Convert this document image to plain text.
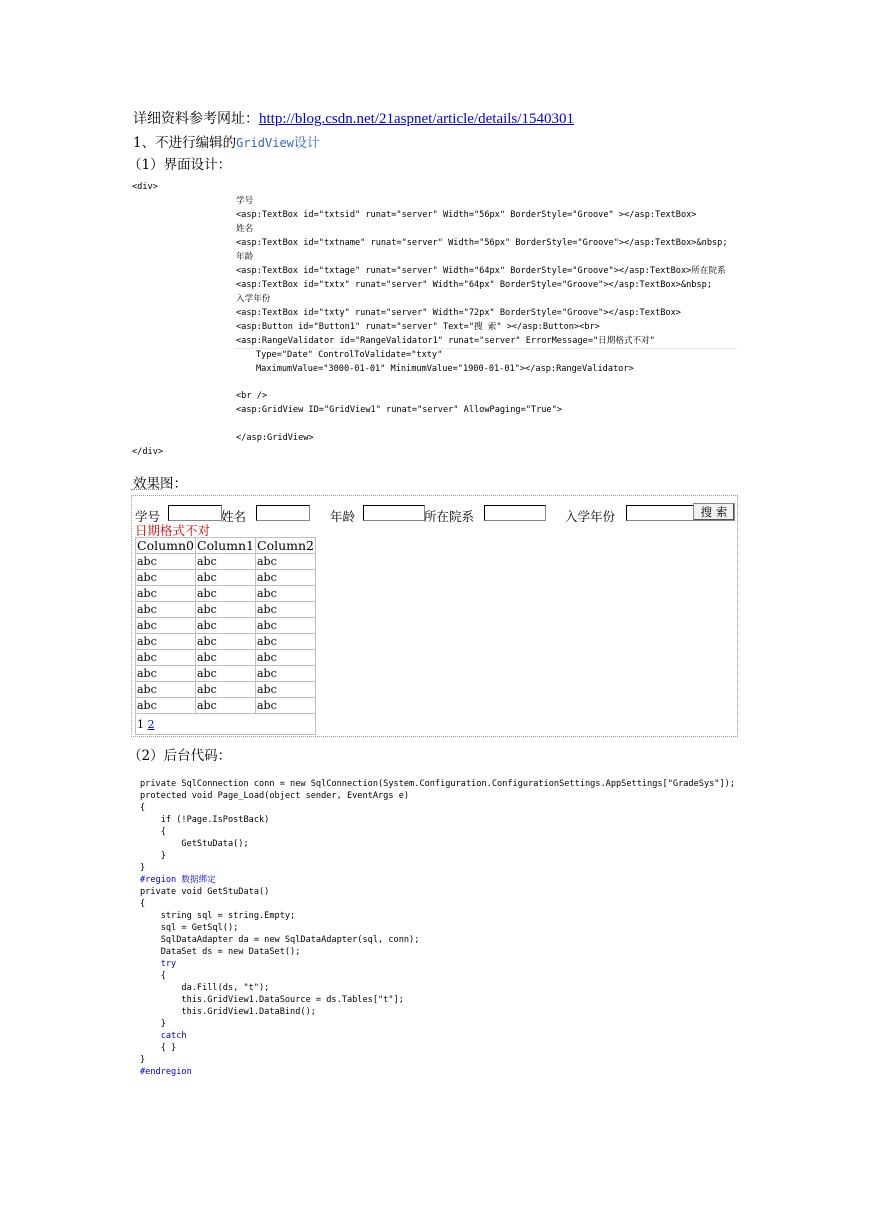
详细资料参考网址：http://blog.csdn.net/21aspnet/article/details/1540301
1、不进行编辑的GridView设计
（1）界面设计：
<div>
学号
<asp:TextBox id="txtsid" runat="server" Width="56px" BorderStyle="Groove" ></asp:TextBox>
姓名
<asp:TextBox id="txtname" runat="server" Width="56px" BorderStyle="Groove"></asp:TextBox>&nbsp;
年龄
<asp:TextBox id="txtage" runat="server" Width="64px" BorderStyle="Groove"></asp:TextBox>所在院系
<asp:TextBox id="txtx" runat="server" Width="64px" BorderStyle="Groove"></asp:TextBox>&nbsp;
入学年份
<asp:TextBox id="txty" runat="server" Width="72px" BorderStyle="Groove"></asp:TextBox>
<asp:Button id="Button1" runat="server" Text="搜 索" ></asp:Button><br>
<asp:RangeValidator id="RangeValidator1" runat="server" ErrorMessage="日期格式不对"
Type="Date" ControlToValidate="txty"
MaximumValue="3000-01-01" MinimumValue="1900-01-01"></asp:RangeValidator>
<br />
<asp:GridView ID="GridView1" runat="server" AllowPaging="True">
</asp:GridView>
</div>
效果图：
学号	姓名	年龄	所在院系	入学年份	搜 索
日期格式不对
Column0	Column1	Column2
abc	abc	abc
abc	abc	abc
abc	abc	abc
abc	abc	abc
abc	abc	abc
abc	abc	abc
abc	abc	abc
abc	abc	abc
abc	abc	abc
abc	abc	abc
1 2		
（2）后台代码：
private SqlConnection conn = new SqlConnection(System.Configuration.ConfigurationSettings.AppSettings["GradeSys"]);
protected void Page_Load(object sender, EventArgs e)
{
if (!Page.IsPostBack)
{
GetStuData();
}
}
#region 数据绑定
private void GetStuData()
{
string sql = string.Empty;
sql = GetSql();
SqlDataAdapter da = new SqlDataAdapter(sql, conn);
DataSet ds = new DataSet();
try
{
da.Fill(ds, "t");
this.GridView1.DataSource = ds.Tables["t"];
this.GridView1.DataBind();
}
catch
{ }
}
#endregion
